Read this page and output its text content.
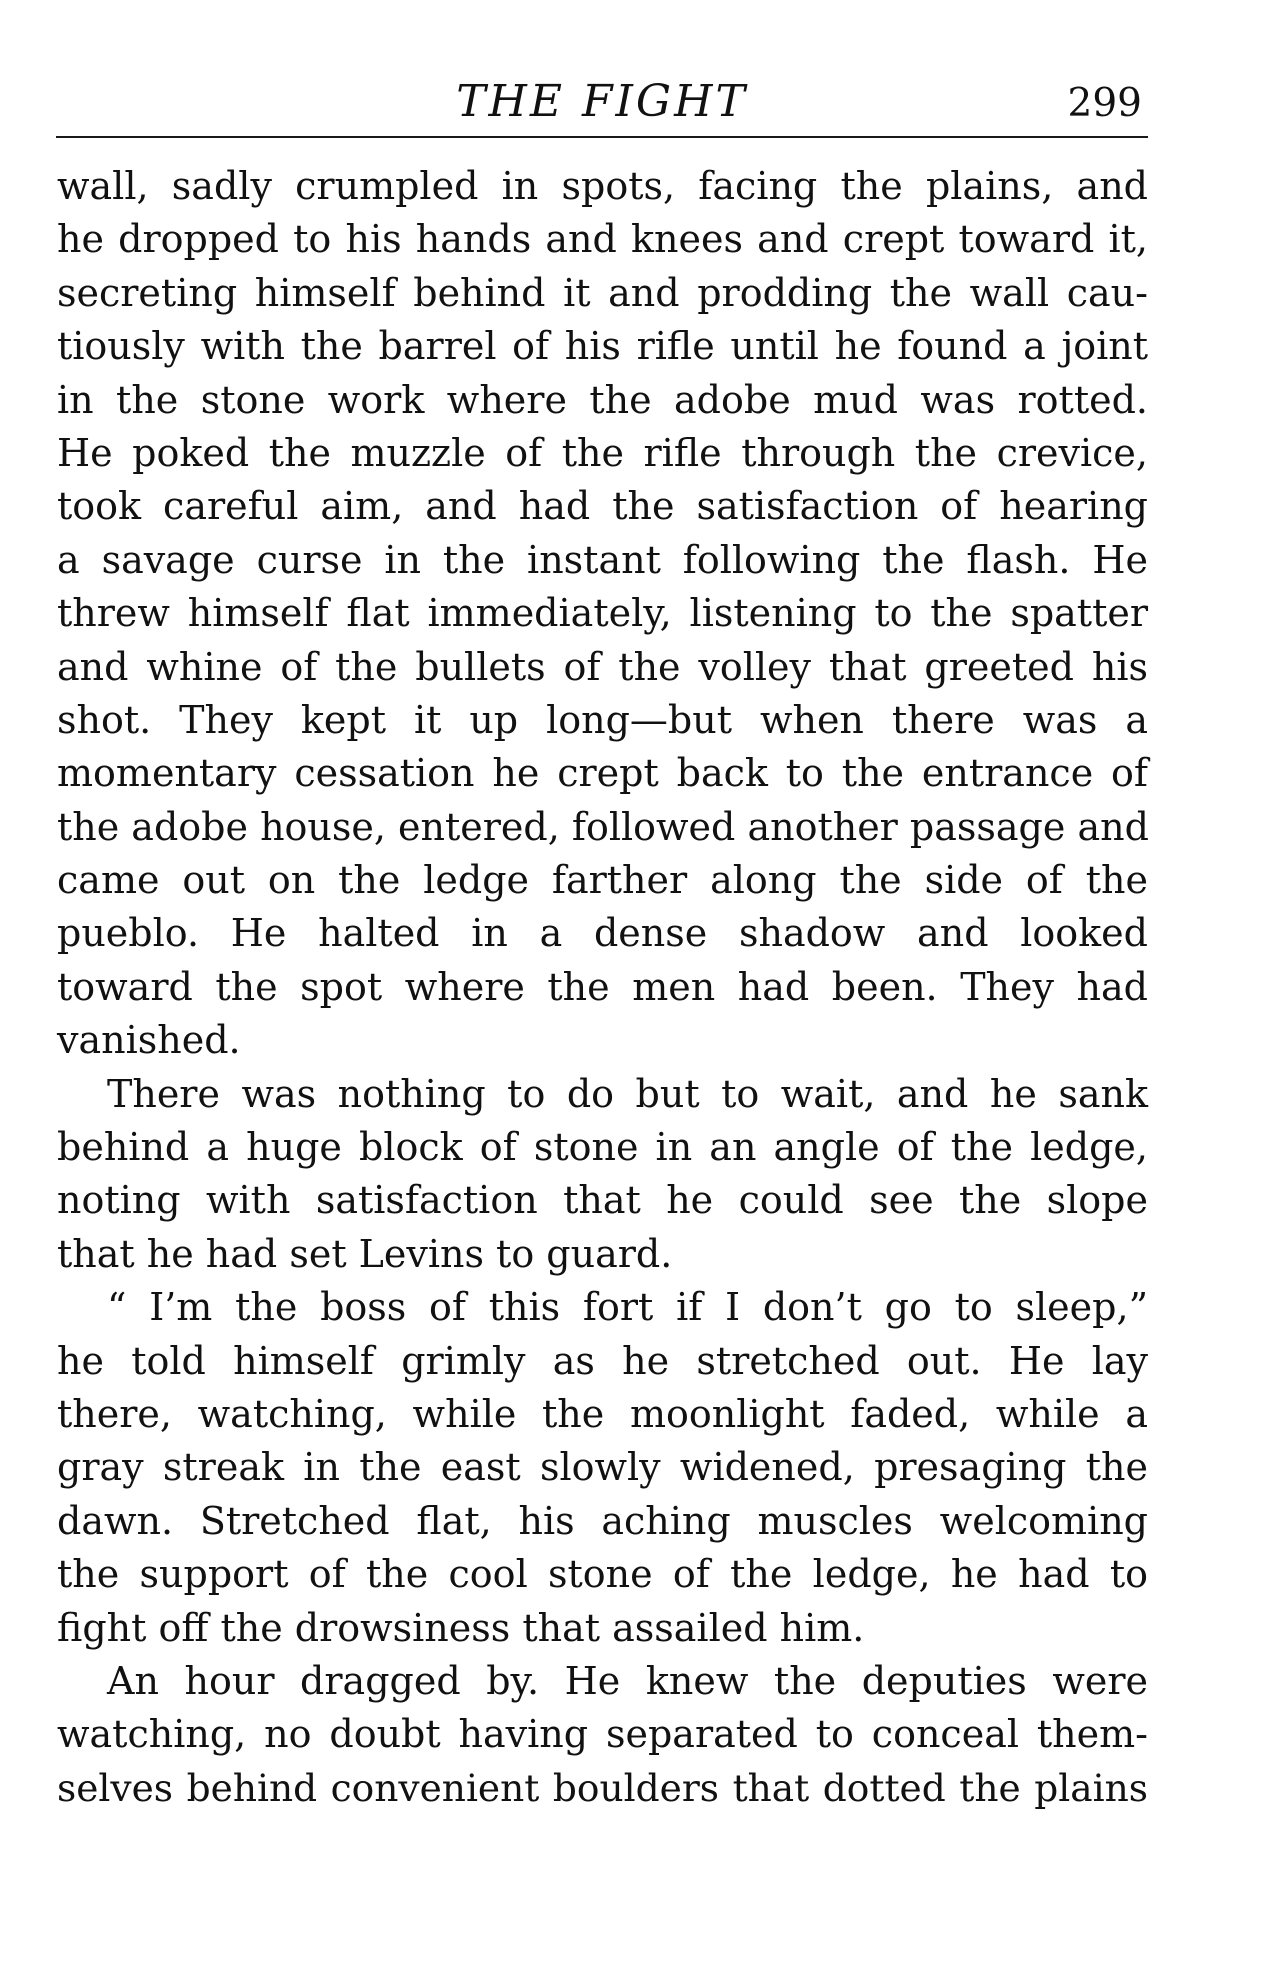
THE FIGHT	299
wall, sadly crumpled in spots, facing the plains, and
he dropped to his hands and knees and crept toward it,
secreting himself behind it and prodding the wall cau-
tiously with the barrel of his rifle until he found a joint
in the stone work where the adobe mud was rotted.
He poked the muzzle of the rifle through the crevice,
took careful aim, and had the satisfaction of hearing
a savage curse in the instant following the flash. He
threw himself flat immediately, listening to the spatter
and whine of the bullets of the volley that greeted his
shot. They kept it up long—but when there was a
momentary cessation he crept back to the entrance of
the adobe house, entered, followed another passage and
came out on the ledge farther along the side of the
pueblo. He halted in a dense shadow and looked
toward the spot where the men had been. They had
vanished.
There was nothing to do but to wait, and he sank
behind a huge block of stone in an angle of the ledge,
noting with satisfaction that he could see the slope
that he had set Levins to guard.
“ I’m the boss of this fort if I don’t go to sleep,”
he told himself grimly as he stretched out. He lay
there, watching, while the moonlight faded, while a
gray streak in the east slowly widened, presaging the
dawn. Stretched flat, his aching muscles welcoming
the support of the cool stone of the ledge, he had to
fight off the drowsiness that assailed him.
An hour dragged by. He knew the deputies were
watching, no doubt having separated to conceal them-
selves behind convenient boulders that dotted the plains
